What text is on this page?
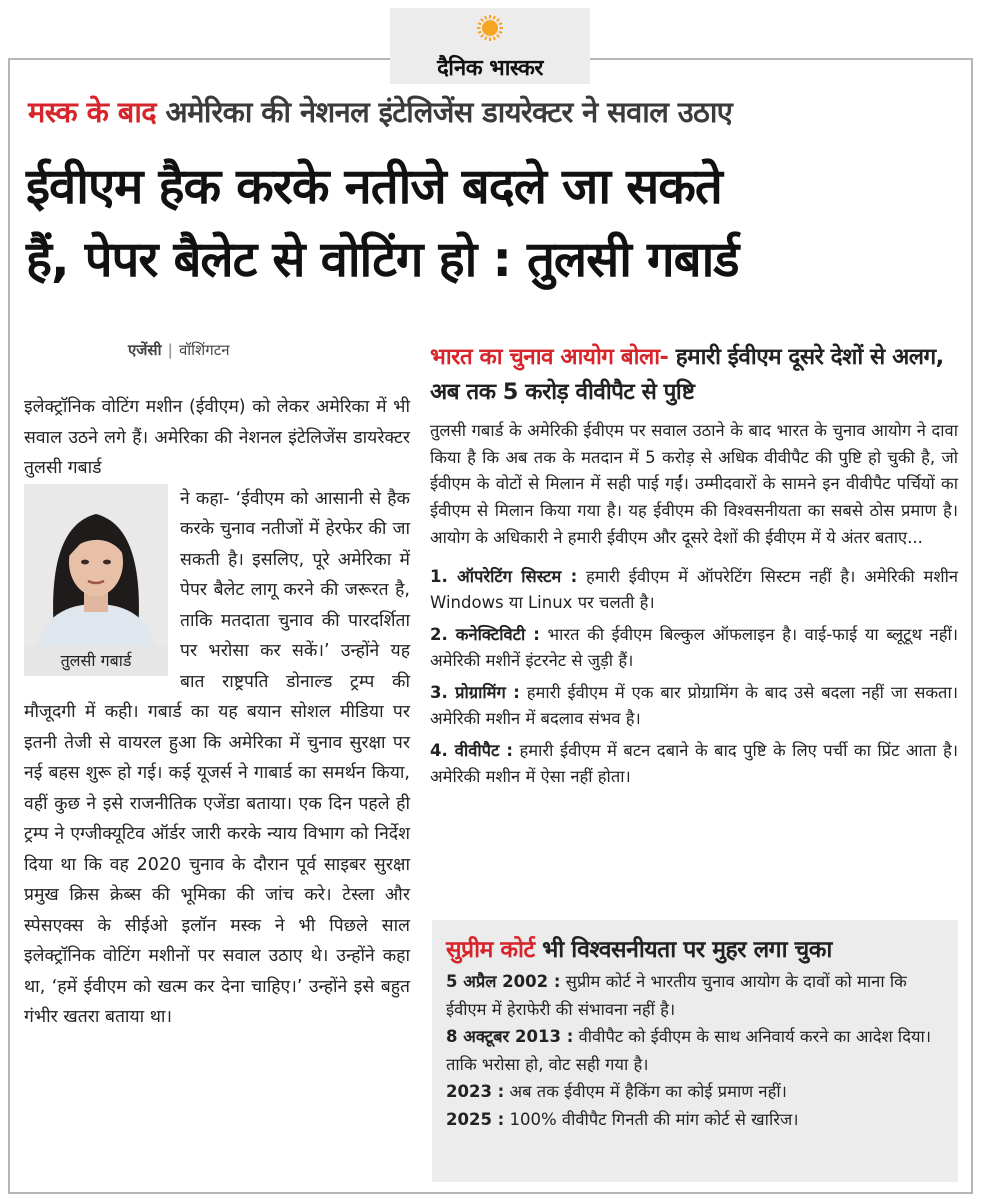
दैनिक भास्कर
मस्क के बाद अमेरिका की नेशनल इंटेलिजेंस डायरेक्टर ने सवाल उठाए
ईवीएम हैक करके नतीजे बदले जा सकते
हैं, पेपर बैलेट से वोटिंग हो : तुलसी गबार्ड
एजेंसी | वॉशिंगटन

इलेक्ट्रॉनिक वोटिंग मशीन (ईवीएम) को लेकर अमेरिका में भी सवाल उठने लगे हैं। अमेरिका की नेशनल इंटेलिजेंस डायरेक्टर तुलसी गबार्ड

तुलसी गबार्ड

ने कहा- ‘ईवीएम को आसानी से हैक करके चुनाव नतीजों में हेरफेर की जा सकती है। इसलिए, पूरे अमेरिका में पेपर बैलेट लागू करने की जरूरत है, ताकि मतदाता चुनाव की पारदर्शिता पर भरोसा कर सकें।’ उन्होंने यह बात राष्ट्रपति डोनाल्ड ट्रम्प की मौजूदगी में कही। गबार्ड का यह बयान सोशल मीडिया पर इतनी तेजी से वायरल हुआ कि अमेरिका में चुनाव सुरक्षा पर नई बहस शुरू हो गई। कई यूजर्स ने गाबार्ड का समर्थन किया, वहीं कुछ ने इसे राजनीतिक एजेंडा बताया। एक दिन पहले ही ट्रम्प ने एग्जीक्यूटिव ऑर्डर जारी करके न्याय विभाग को निर्देश दिया था कि वह 2020 चुनाव के दौरान पूर्व साइबर सुरक्षा प्रमुख क्रिस क्रेब्स की भूमिका की जांच करे। टेस्ला और स्पेसएक्स के सीईओ इलॉन मस्क ने भी पिछले साल इलेक्ट्रॉनिक वोटिंग मशीनों पर सवाल उठाए थे। उन्होंने कहा था, ‘हमें ईवीएम को खत्म कर देना चाहिए।’ उन्होंने इसे बहुत गंभीर खतरा बताया था।

भारत का चुनाव आयोग बोला- हमारी ईवीएम दूसरे देशों से अलग, अब तक 5 करोड़ वीवीपैट से पुष्टि

तुलसी गबार्ड के अमेरिकी ईवीएम पर सवाल उठाने के बाद भारत के चुनाव आयोग ने दावा किया है कि अब तक के मतदान में 5 करोड़ से अधिक वीवीपैट की पुष्टि हो चुकी है, जो ईवीएम के वोटों से मिलान में सही पाई गईं। उम्मीदवारों के सामने इन वीवीपैट पर्चियों का ईवीएम से मिलान किया गया है। यह ईवीएम की विश्वसनीयता का सबसे ठोस प्रमाण है। आयोग के अधिकारी ने हमारी ईवीएम और दूसरे देशों की ईवीएम में ये अंतर बताए...

1. ऑपरेटिंग सिस्टम : हमारी ईवीएम में ऑपरेटिंग सिस्टम नहीं है। अमेरिकी मशीन Windows या Linux पर चलती है।
2. कनेक्टिविटी : भारत की ईवीएम बिल्कुल ऑफलाइन है। वाई-फाई या ब्लूटूथ नहीं। अमेरिकी मशीनें इंटरनेट से जुड़ी हैं।
3. प्रोग्रामिंग : हमारी ईवीएम में एक बार प्रोग्रामिंग के बाद उसे बदला नहीं जा सकता। अमेरिकी मशीन में बदलाव संभव है।
4. वीवीपैट : हमारी ईवीएम में बटन दबाने के बाद पुष्टि के लिए पर्ची का प्रिंट आता है। अमेरिकी मशीन में ऐसा नहीं होता।
सुप्रीम कोर्ट भी विश्वसनीयता पर मुहर लगा चुका
5 अप्रैल 2002 : सुप्रीम कोर्ट ने भारतीय चुनाव आयोग के दावों को माना कि ईवीएम में हेराफेरी की संभावना नहीं है।
8 अक्टूबर 2013 : वीवीपैट को ईवीएम के साथ अनिवार्य करने का आदेश दिया। ताकि भरोसा हो, वोट सही गया है।
2023 : अब तक ईवीएम में हैकिंग का कोई प्रमाण नहीं।
2025 : 100% वीवीपैट गिनती की मांग कोर्ट से खारिज।
